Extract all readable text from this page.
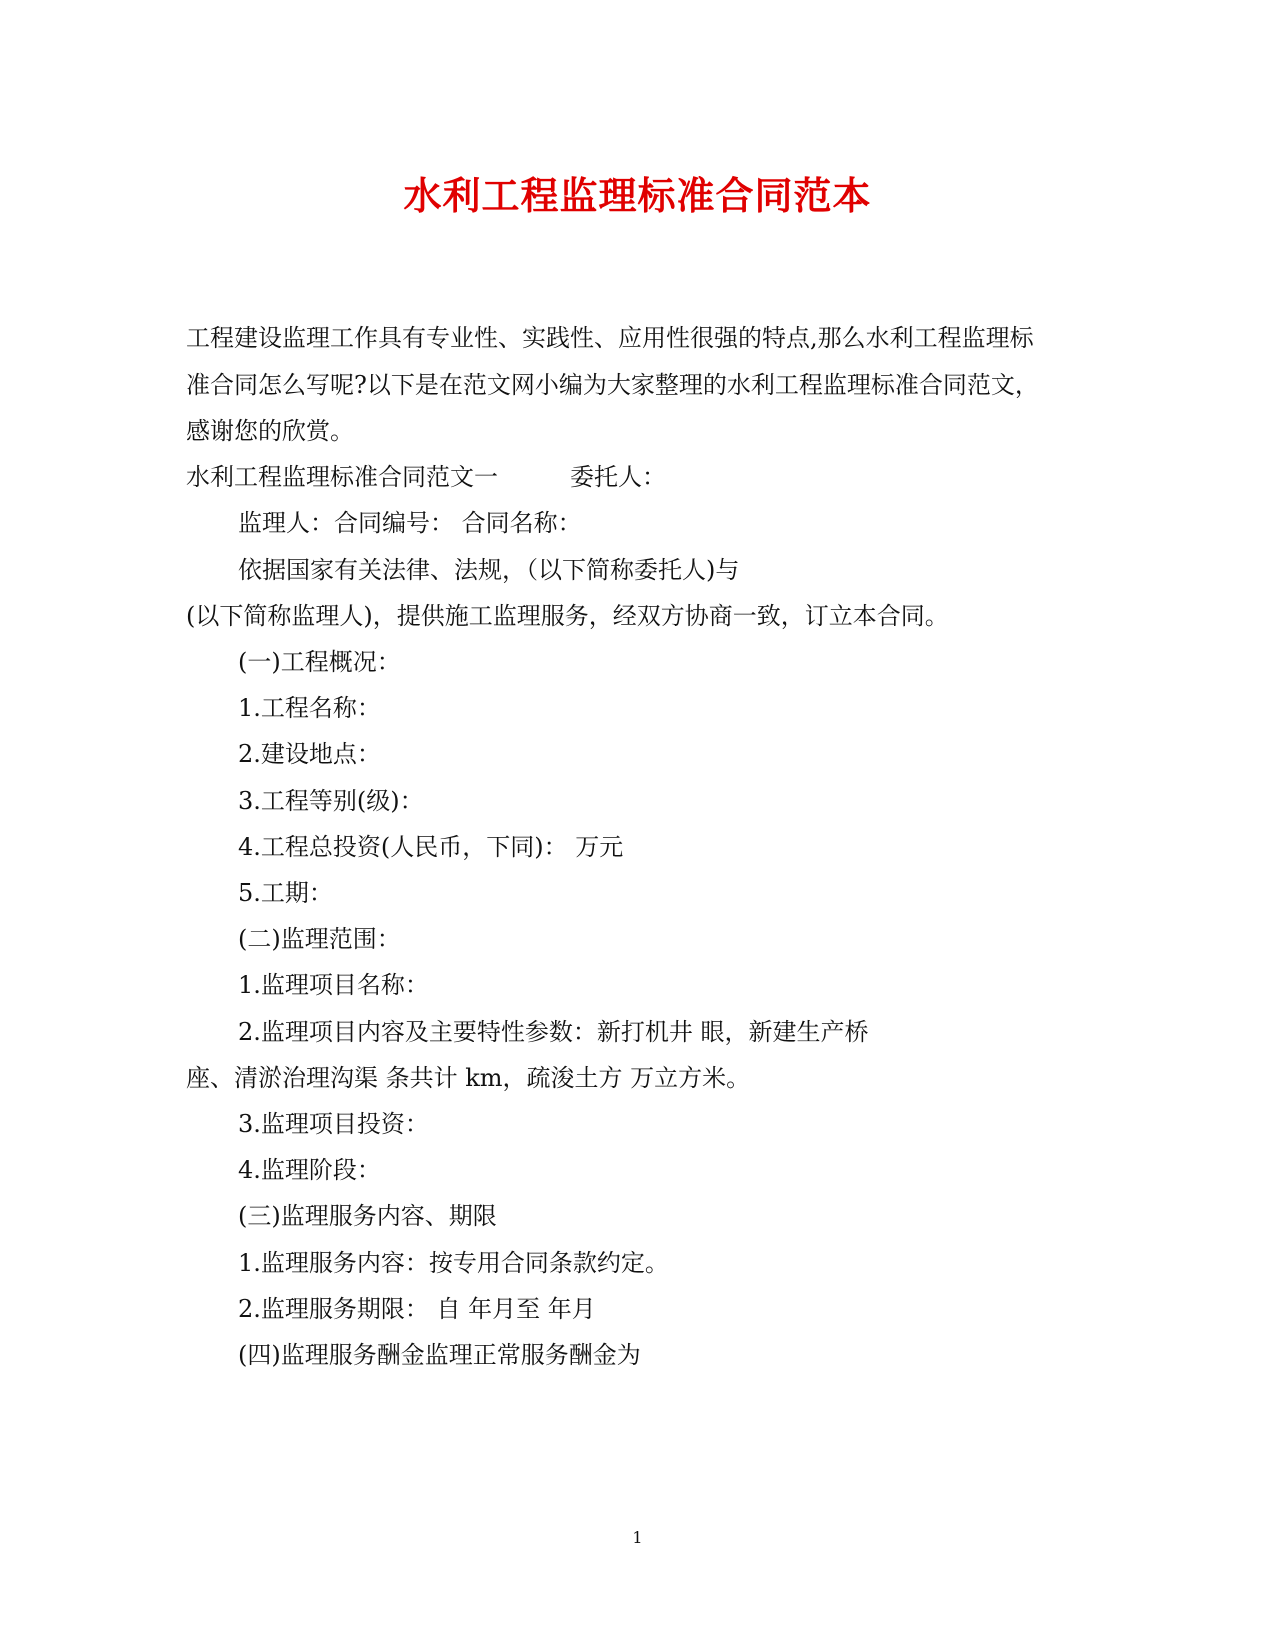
水利工程监理标准合同范本
工程建设监理工作具有专业性、实践性、应用性很强的特点,那么水利工程监理标
准合同怎么写呢?以下是在范文网小编为大家整理的水利工程监理标准合同范文，
感谢您的欣赏。
水利工程监理标准合同范文一	委托人：
监理人：合同编号： 合同名称：
依据国家有关法律、法规，（以下简称委托人)与
(以下简称监理人)，提供施工监理服务，经双方协商一致，订立本合同。
(一)工程概况：
1.工程名称：
2.建设地点：
3.工程等别(级)：
4.工程总投资(人民币，下同)： 万元
5.工期：
(二)监理范围：
1.监理项目名称：
2.监理项目内容及主要特性参数：新打机井 眼，新建生产桥
座、清淤治理沟渠 条共计 km，疏浚土方 万立方米。
3.监理项目投资：
4.监理阶段：
(三)监理服务内容、期限
1.监理服务内容：按专用合同条款约定。
2.监理服务期限： 自 年月至 年月
(四)监理服务酬金监理正常服务酬金为
1
